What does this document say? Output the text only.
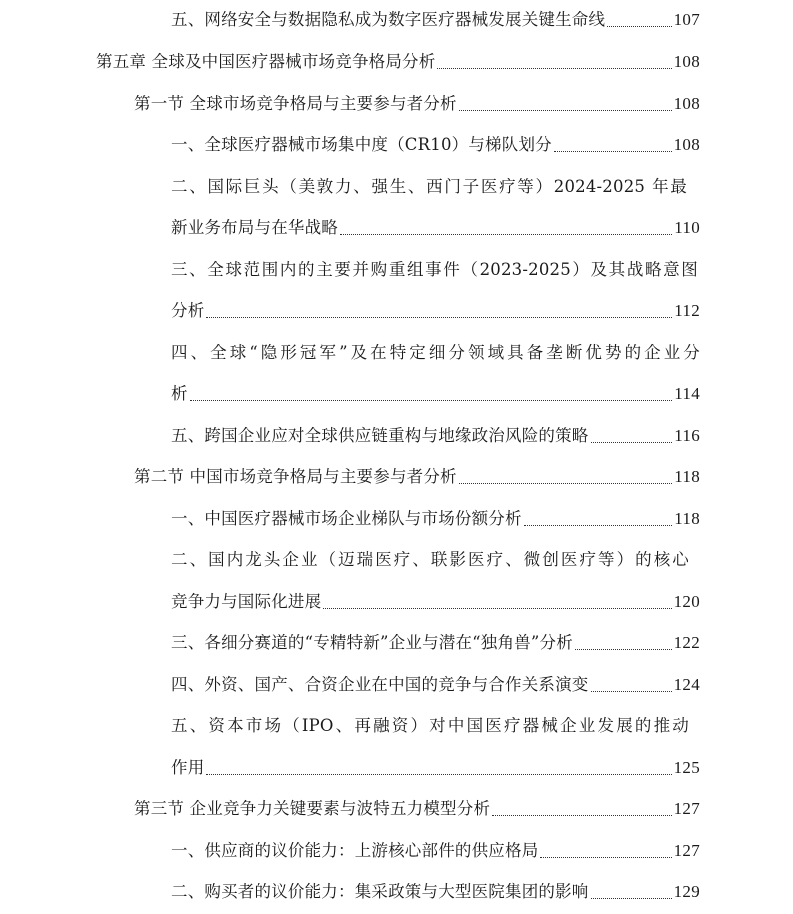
五、网络安全与数据隐私成为数字医疗器械发展关键生命线	107
第五章 全球及中国医疗器械市场竞争格局分析	108
第一节 全球市场竞争格局与主要参与者分析	108
一、全球医疗器械市场集中度（CR10）与梯队划分	108
二、国际巨头（美敦力、强生、西门子医疗等）2024-2025 年最
新业务布局与在华战略	110
三、全球范围内的主要并购重组事件（2023-2025）及其战略意图
分析	112
四、全球“隐形冠军”及在特定细分领域具备垄断优势的企业分
析	114
五、跨国企业应对全球供应链重构与地缘政治风险的策略	116
第二节 中国市场竞争格局与主要参与者分析	118
一、中国医疗器械市场企业梯队与市场份额分析	118
二、国内龙头企业（迈瑞医疗、联影医疗、微创医疗等）的核心
竞争力与国际化进展	120
三、各细分赛道的“专精特新”企业与潜在“独角兽”分析	122
四、外资、国产、合资企业在中国的竞争与合作关系演变	124
五、资本市场（IPO、再融资）对中国医疗器械企业发展的推动
作用	125
第三节 企业竞争力关键要素与波特五力模型分析	127
一、供应商的议价能力：上游核心部件的供应格局	127
二、购买者的议价能力：集采政策与大型医院集团的影响	129
